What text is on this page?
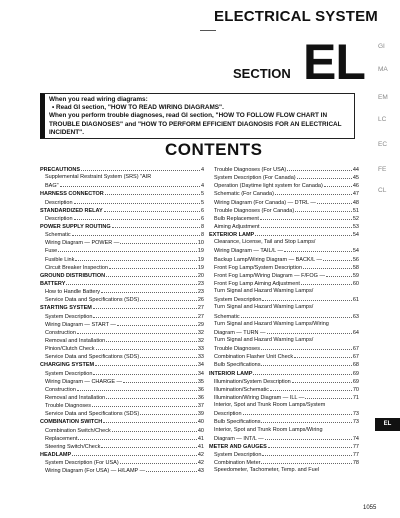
ELECTRICAL SYSTEM
SECTION EL
When you read wiring diagrams:
• Read GI section, "HOW TO READ WIRING DIAGRAMS".
When you perform trouble diagnoses, read GI section, "HOW TO FOLLOW FLOW CHART IN
TROUBLE DIAGNOSES" and "HOW TO PERFORM EFFICIENT DIAGNOSIS FOR AN ELECTRICAL
INCIDENT".
CONTENTS
PRECAUTIONS	4
Supplemental Restraint System (SRS) "AIR
BAG"	4
HARNESS CONNECTOR	5
Description	5
STANDARDIZED RELAY	6
Description	6
POWER SUPPLY ROUTING	8
Schematic	8
Wiring Diagram — POWER —	10
Fuse	19
Fusible Link	19
Circuit Breaker Inspection	19
GROUND DISTRIBUTION	20
BATTERY	23
How to Handle Battery	23
Service Data and Specifications (SDS)	26
STARTING SYSTEM	27
System Description	27
Wiring Diagram — START —	29
Construction	32
Removal and Installation	32
Pinion/Clutch Check	33
Service Data and Specifications (SDS)	33
CHARGING SYSTEM	34
System Description	34
Wiring Diagram — CHARGE —	35
Construction	36
Removal and Installation	36
Trouble Diagnoses	37
Service Data and Specifications (SDS)	39
COMBINATION SWITCH	40
Combination Switch/Check	40
Replacement	41
Steering Switch/Check	41
HEADLAMP	42
System Description (For USA)	42
Wiring Diagram (For USA) — H/LAMP —	43
Trouble Diagnoses (For USA)	44
System Description (For Canada)	45
Operation (Daytime light system for Canada)	46
Schematic (For Canada)	47
Wiring Diagram (For Canada) — DTRL —	48
Trouble Diagnoses (For Canada)	51
Bulb Replacement	52
Aiming Adjustment	53
EXTERIOR LAMP	54
Clearance, License, Tail and Stop Lamps/
Wiring Diagram — TAIL/L —	54
Backup Lamp/Wiring Diagram — BACK/L —	56
Front Fog Lamp/System Description	58
Front Fog Lamp/Wiring Diagram — F/FOG —	59
Front Fog Lamp Aiming Adjustment	60
Turn Signal and Hazard Warning Lamps/
System Description	61
Turn Signal and Hazard Warning Lamps/
Schematic	63
Turn Signal and Hazard Warning Lamps/Wiring
Diagram — TURN —	64
Turn Signal and Hazard Warning Lamps/
Trouble Diagnoses	67
Combination Flasher Unit Check	67
Bulb Specifications	68
INTERIOR LAMP	69
Illumination/System Description	69
Illumination/Schematic	70
Illumination/Wiring Diagram — ILL —	71
Interior, Spot and Trunk Room Lamps/System
Description	73
Bulb Specifications	73
Interior, Spot and Trunk Room Lamps/Wiring
Diagram — INT/L —	74
METER AND GAUGES	77
System Description	77
Combination Meter	78
Speedometer, Tachometer, Temp. and Fuel
GI
MA
EM
LC
EC
FE
CL
EL
1055
